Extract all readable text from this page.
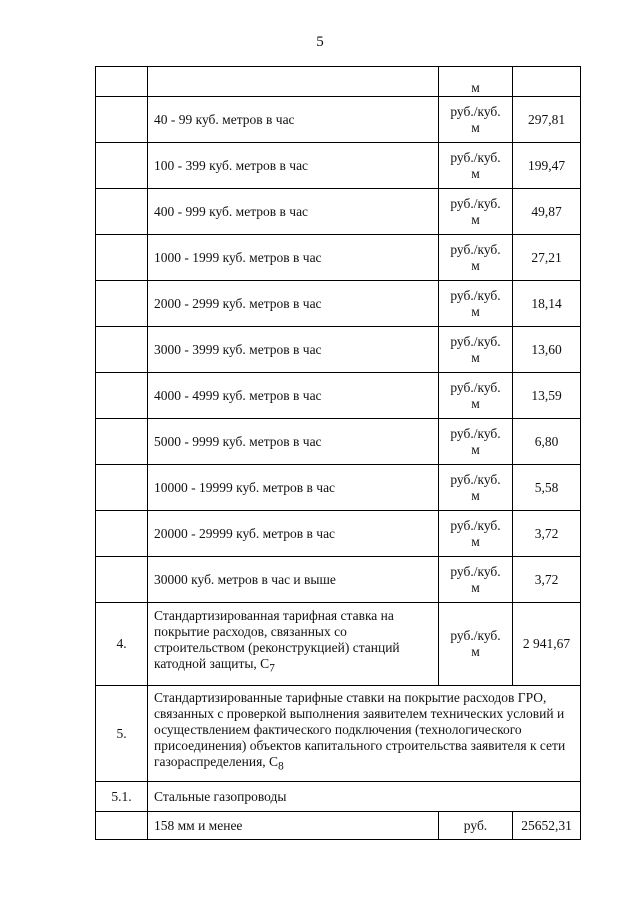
5
		м	
	40 - 99 куб. метров в час	руб./куб. м	297,81
	100 - 399 куб. метров в час	руб./куб. м	199,47
	400 - 999 куб. метров в час	руб./куб. м	49,87
	1000 - 1999 куб. метров в час	руб./куб. м	27,21
	2000 - 2999 куб. метров в час	руб./куб. м	18,14
	3000 - 3999 куб. метров в час	руб./куб. м	13,60
	4000 - 4999 куб. метров в час	руб./куб. м	13,59
	5000 - 9999 куб. метров в час	руб./куб. м	6,80
	10000 - 19999 куб. метров в час	руб./куб. м	5,58
	20000 - 29999 куб. метров в час	руб./куб. м	3,72
	30000 куб. метров в час и выше	руб./куб. м	3,72
4.	Стандартизированная тарифная ставка на покрытие расходов, связанных со строительством (реконструкцией) станций катодной защиты, $C_7$	руб./куб. м	2 941,67
5.	Стандартизированные тарифные ставки на покрытие расходов ГРО, связанных с проверкой выполнения заявителем технических условий и осуществлением фактического подключения (технологического присоединения) объектов капитального строительства заявителя к сети газораспределения, $C_8$
5.1.	Стальные газопроводы		
	158 мм и менее	руб.	25652,31
